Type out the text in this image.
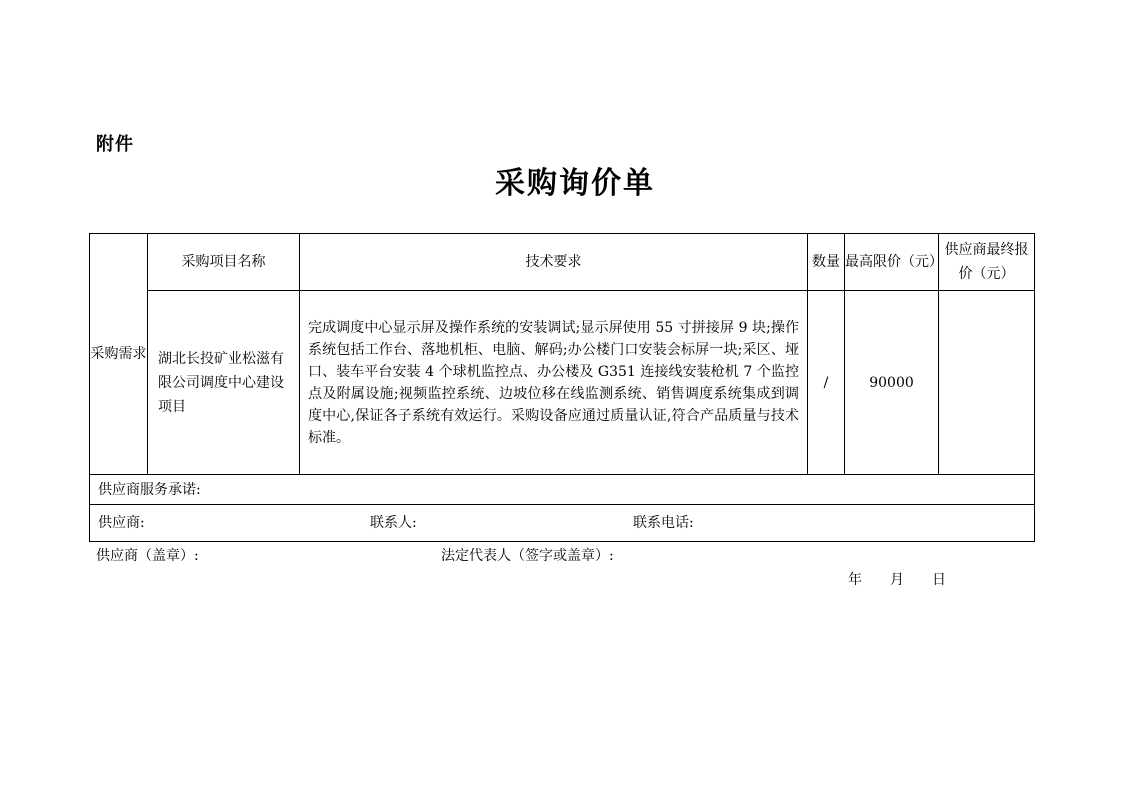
附件
采购询价单
采购需求	采购项目名称	技术要求	数量	最高限价（元）	供应商最终报价（元）
	湖北长投矿业松滋有限公司调度中心建设项目	完成调度中心显示屏及操作系统的安装调试;显示屏使用 55 寸拼接屏 9 块;操作系统包括工作台、落地机柜、电脑、解码;办公楼门口安装会标屏一块;采区、垭口、装车平台安装 4 个球机监控点、办公楼及 G351 连接线安装枪机 7 个监控点及附属设施;视频监控系统、边坡位移在线监测系统、销售调度系统集成到调度中心,保证各子系统有效运行。采购设备应通过质量认证,符合产品质量与技术标准。	/	90000	
供应商服务承诺:					

供应商: 联系人: 联系电话:					
供应商（盖章）:	法定代表人（签字或盖章）:
年 月 日
